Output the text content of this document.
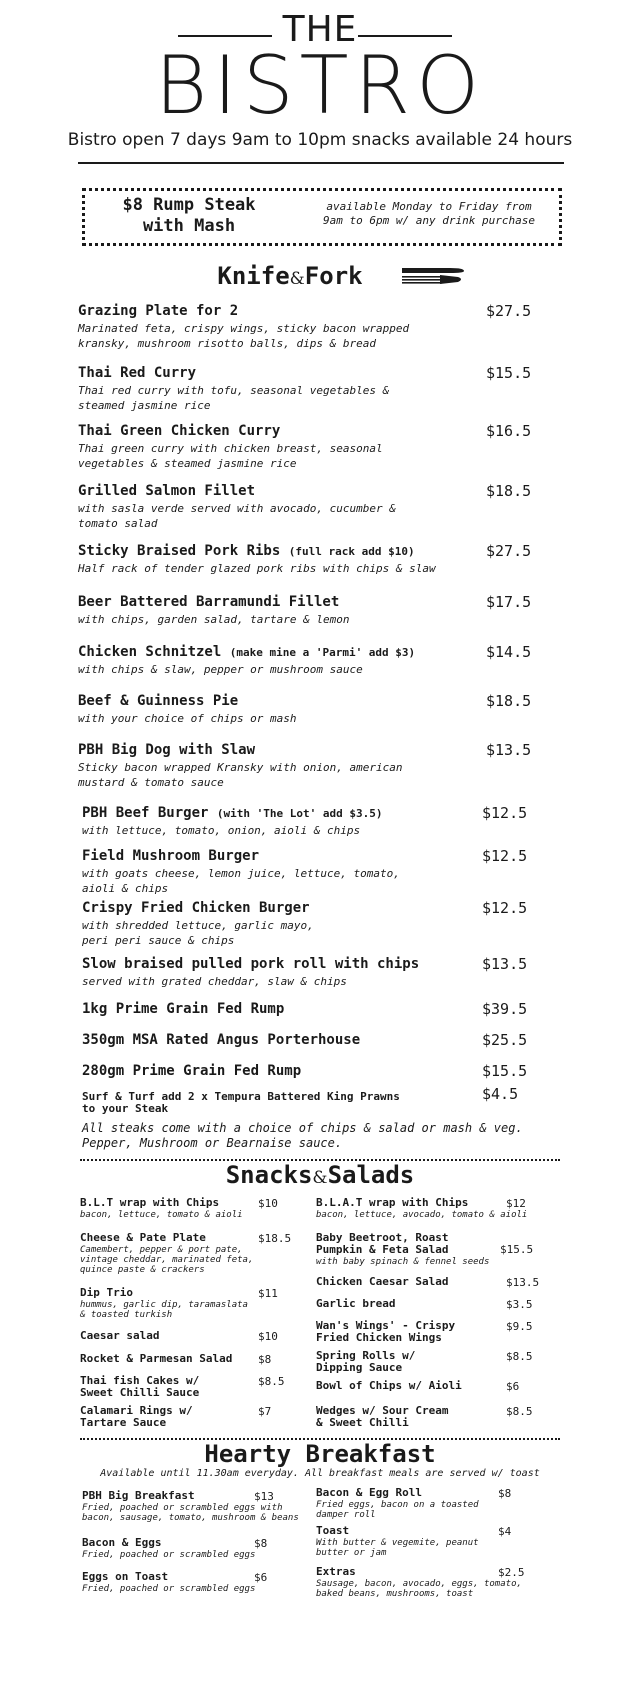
THE
BISTRO
Bistro open 7 days 9am to 10pm snacks available 24 hours
$8 Rump Steak
with Mash
available Monday to Friday from
9am to 6pm w/ any drink purchase
Knife&Fork
Grazing Plate for 2
Marinated feta, crispy wings, sticky bacon wrapped
kransky, mushroom risotto balls, dips & bread
$27.5
Thai Red Curry
Thai red curry with tofu, seasonal vegetables &
steamed jasmine rice
$15.5
Thai Green Chicken Curry
Thai green curry with chicken breast, seasonal
vegetables & steamed jasmine rice
$16.5
Grilled Salmon Fillet
with sasla verde served with avocado, cucumber &
tomato salad
$18.5
Sticky Braised Pork Ribs (full rack add $10)
Half rack of tender glazed pork ribs with chips & slaw
$27.5
Beer Battered Barramundi Fillet
with chips, garden salad, tartare & lemon
$17.5
Chicken Schnitzel (make mine a 'Parmi' add $3)
with chips & slaw, pepper or mushroom sauce
$14.5
Beef & Guinness Pie
with your choice of chips or mash
$18.5
PBH Big Dog with Slaw
Sticky bacon wrapped Kransky with onion, american
mustard & tomato sauce
$13.5
PBH Beef Burger (with 'The Lot' add $3.5)
with lettuce, tomato, onion, aioli & chips
$12.5
Field Mushroom Burger
with goats cheese, lemon juice, lettuce, tomato,
aioli & chips
$12.5
Crispy Fried Chicken Burger
with shredded lettuce, garlic mayo,
peri peri sauce & chips
$12.5
Slow braised pulled pork roll with chips
served with grated cheddar, slaw & chips
$13.5
1kg Prime Grain Fed Rump	$39.5
350gm MSA Rated Angus Porterhouse	$25.5
280gm Prime Grain Fed Rump	$15.5
Surf & Turf add 2 x Tempura Battered King Prawns
to your Steak
$4.5
All steaks come with a choice of chips & salad or mash & veg.
Pepper, Mushroom or Bearnaise sauce.
Snacks&Salads
B.L.T wrap with Chips
bacon, lettuce, tomato & aioli
$10
Cheese & Pate Plate
Camembert, pepper & port pate,
vintage cheddar, marinated feta,
quince paste & crackers
$18.5
Dip Trio
hummus, garlic dip, taramaslata
& toasted turkish
$11
Caesar salad	$10
Rocket & Parmesan Salad $8
Thai fish Cakes w/
Sweet Chilli Sauce
$8.5
Calamari Rings w/
Tartare Sauce
$7
B.L.A.T wrap with Chips
bacon, lettuce, avocado, tomato & aioli
$12
Baby Beetroot, Roast
Pumpkin & Feta Salad
with baby spinach & fennel seeds
$15.5
Chicken Caesar Salad	$13.5
Garlic bread	$3.5
Wan's Wings' - Crispy
Fried Chicken Wings
$9.5
Spring Rolls w/
Dipping Sauce
$8.5
Bowl of Chips w/ Aioli	$6
Wedges w/ Sour Cream
& Sweet Chilli
$8.5
Hearty Breakfast
Available until 11.30am everyday. All breakfast meals are served w/ toast
PBH Big Breakfast
Fried, poached or scrambled eggs with
bacon, sausage, tomato, mushroom & beans
$13
Bacon & Eggs
Fried, poached or scrambled eggs
$8
Eggs on Toast
Fried, poached or scrambled eggs
$6
Bacon & Egg Roll
Fried eggs, bacon on a toasted
damper roll
$8
Toast
With butter & vegemite, peanut
butter or jam
$4
Extras
Sausage, bacon, avocado, eggs, tomato,
baked beans, mushrooms, toast
$2.5
